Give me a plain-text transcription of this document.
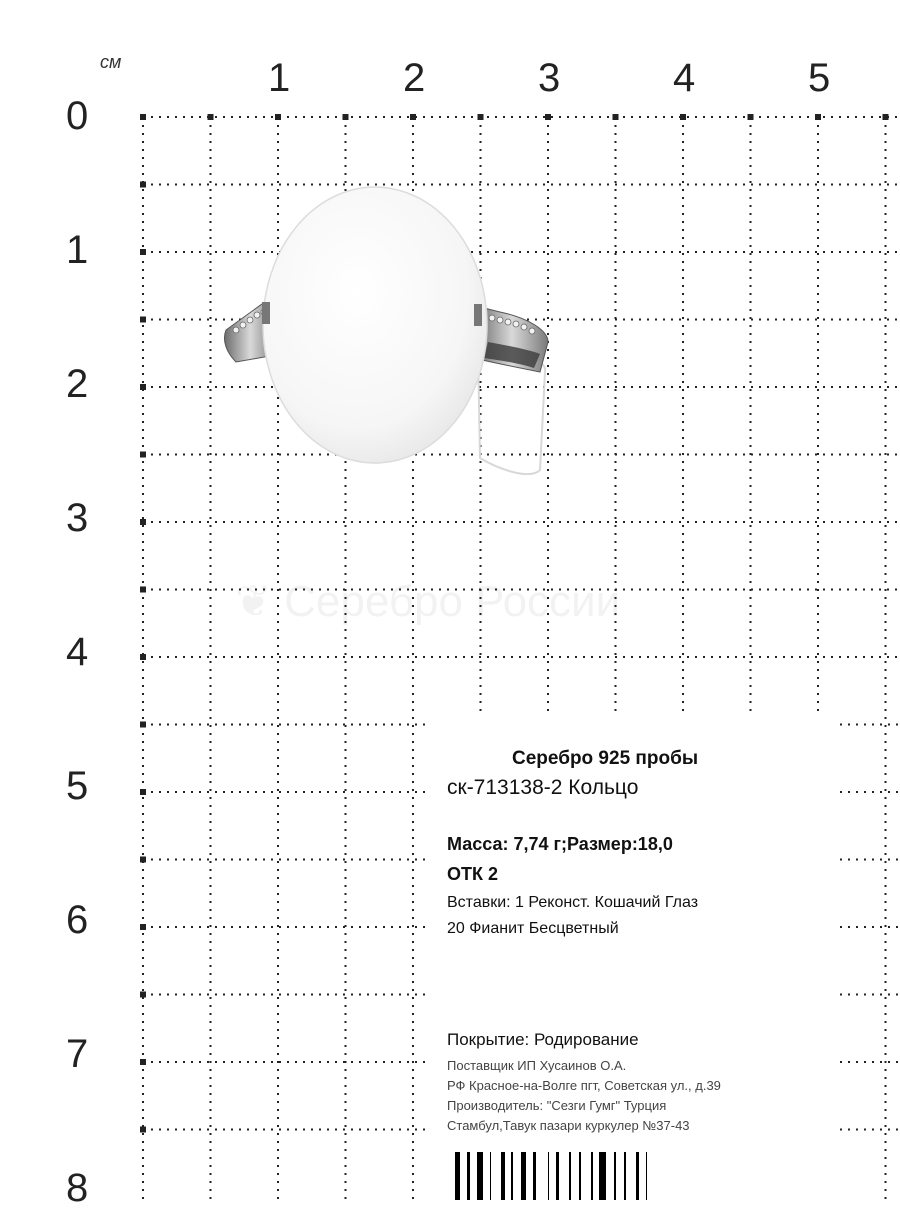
❦ Серебро России
см	1	2	3	4	5
0
1
2
3
4
5
6
7
8
Серебро 925 пробы
ск-713138-2 Кольцо
Масса: 7,74 г;Размер:18,0
ОТК 2
Вставки: 1 Реконст. Кошачий Глаз
20 Фианит Бесцветный
Покрытие: Родирование
Поставщик ИП Хусаинов О.А.
РФ Красное-на-Волге пгт, Советская ул., д.39
Производитель: "Сезги Гумг" Турция
Стамбул,Тавук пазари куркулер №37-43
